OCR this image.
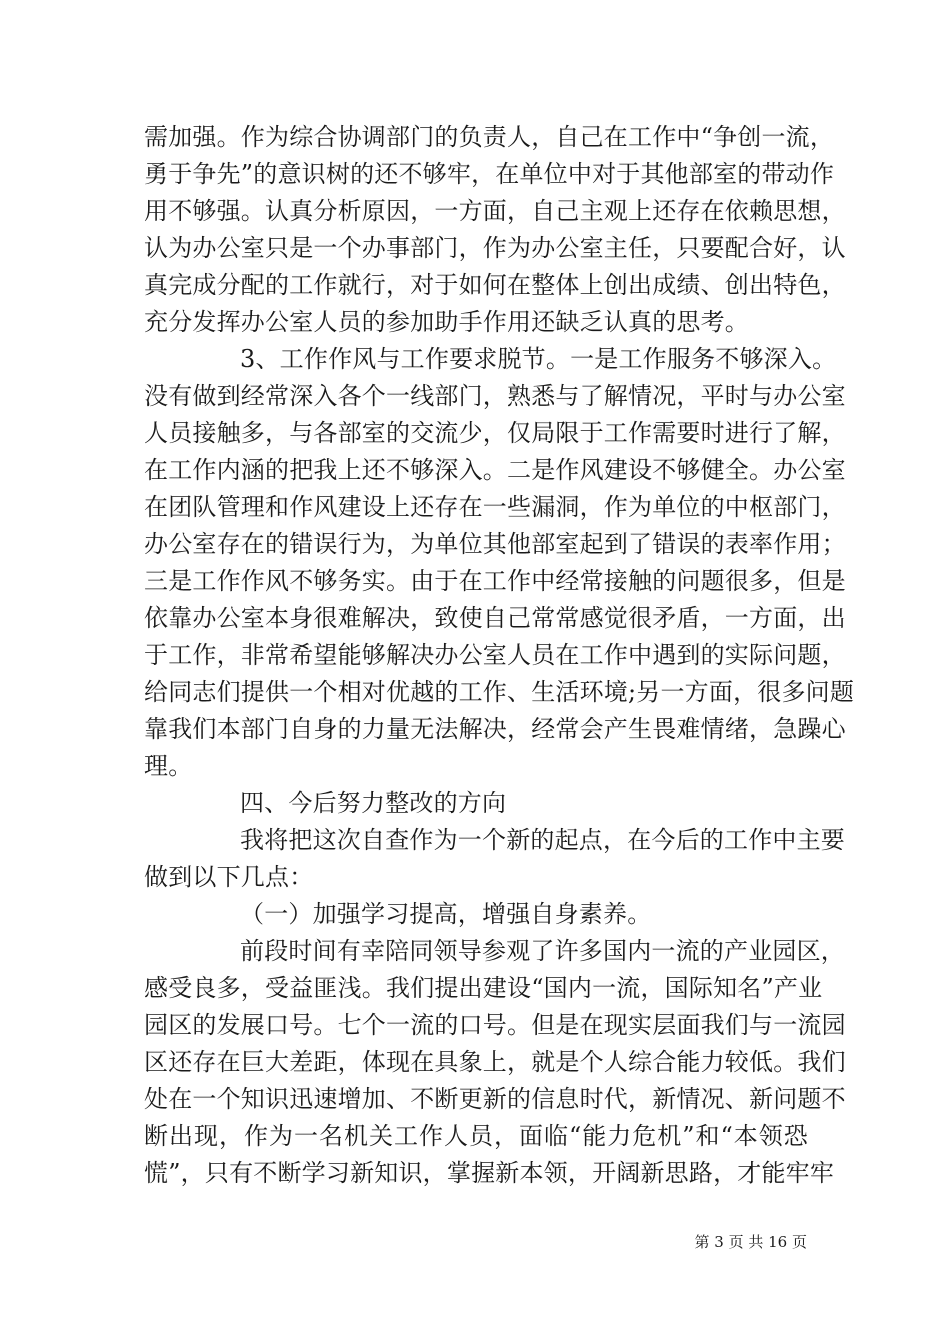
需加强。作为综合协调部门的负责人，自己在工作中“争创一流，
勇于争先”的意识树的还不够牢，在单位中对于其他部室的带动作
用不够强。认真分析原因，一方面，自己主观上还存在依赖思想，
认为办公室只是一个办事部门，作为办公室主任，只要配合好，认
真完成分配的工作就行，对于如何在整体上创出成绩、创出特色，
充分发挥办公室人员的参加助手作用还缺乏认真的思考。
3、工作作风与工作要求脱节。一是工作服务不够深入。
没有做到经常深入各个一线部门，熟悉与了解情况，平时与办公室
人员接触多，与各部室的交流少，仅局限于工作需要时进行了解，
在工作内涵的把我上还不够深入。二是作风建设不够健全。办公室
在团队管理和作风建设上还存在一些漏洞，作为单位的中枢部门，
办公室存在的错误行为，为单位其他部室起到了错误的表率作用；
三是工作作风不够务实。由于在工作中经常接触的问题很多，但是
依靠办公室本身很难解决，致使自己常常感觉很矛盾，一方面，出
于工作，非常希望能够解决办公室人员在工作中遇到的实际问题，
给同志们提供一个相对优越的工作、生活环境;另一方面，很多问题
靠我们本部门自身的力量无法解决，经常会产生畏难情绪，急躁心
理。
四、今后努力整改的方向
我将把这次自查作为一个新的起点，在今后的工作中主要
做到以下几点：
（一）加强学习提高，增强自身素养。
前段时间有幸陪同领导参观了许多国内一流的产业园区，
感受良多，受益匪浅。我们提出建设“国内一流，国际知名”产业
园区的发展口号。七个一流的口号。但是在现实层面我们与一流园
区还存在巨大差距，体现在具象上，就是个人综合能力较低。我们
处在一个知识迅速增加、不断更新的信息时代，新情况、新问题不
断出现，作为一名机关工作人员，面临“能力危机”和“本领恐
慌”，只有不断学习新知识，掌握新本领，开阔新思路，才能牢牢
第 3 页 共 16 页
